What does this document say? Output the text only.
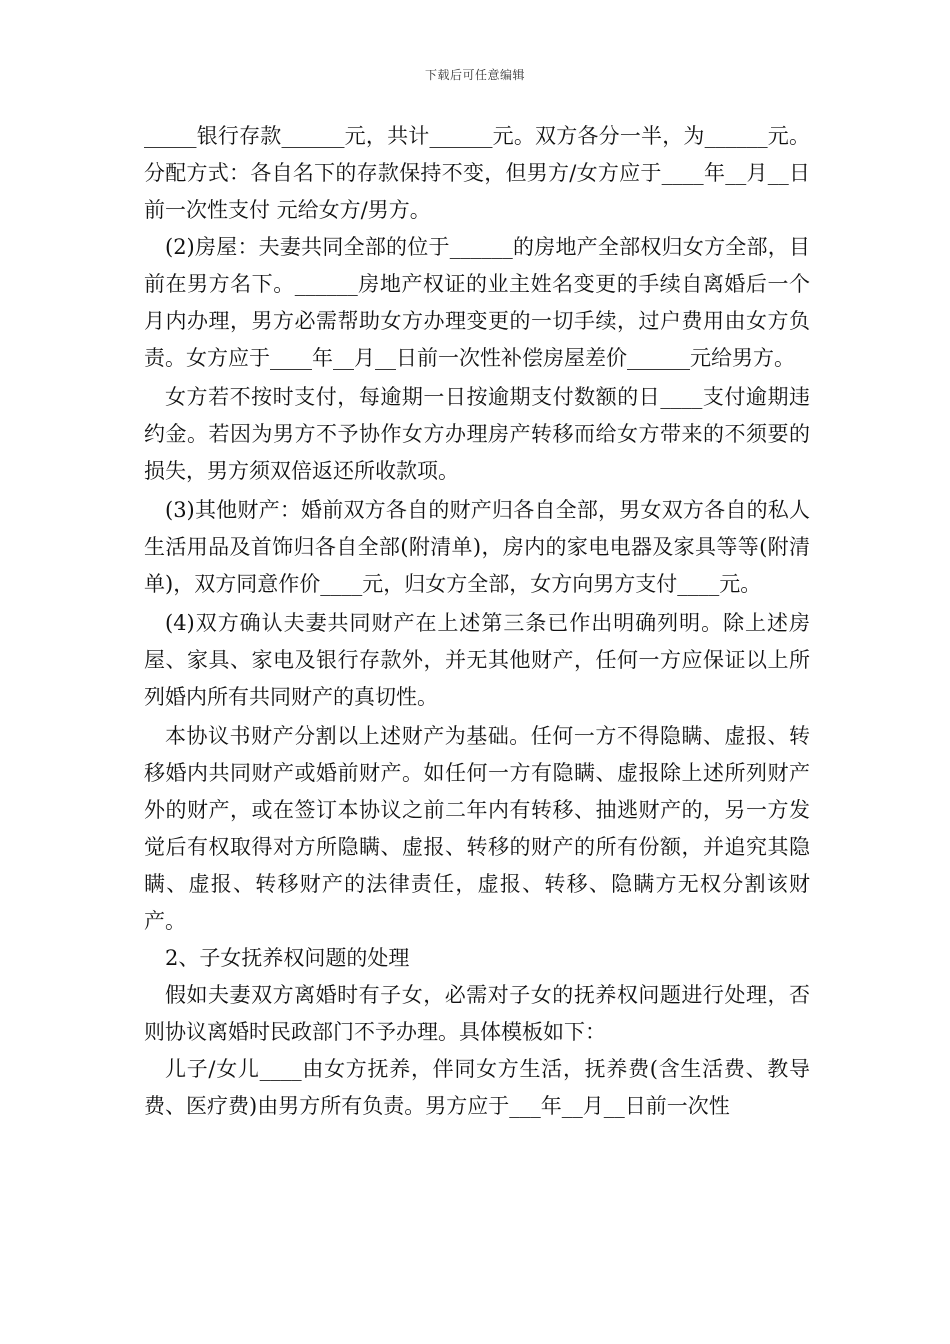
下载后可任意编辑

_____银行存款______元，共计______元。双方各分一半，为______元。分配方式：各自名下的存款保持不变，但男方/女方应于____年__月__日前一次性支付 元给女方/男方。

(2)房屋：夫妻共同全部的位于______的房地产全部权归女方全部，目前在男方名下。______房地产权证的业主姓名变更的手续自离婚后一个月内办理，男方必需帮助女方办理变更的一切手续，过户费用由女方负责。女方应于____年__月__日前一次性补偿房屋差价______元给男方。

女方若不按时支付，每逾期一日按逾期支付数额的日____支付逾期违约金。若因为男方不予协作女方办理房产转移而给女方带来的不须要的损失，男方须双倍返还所收款项。

(3)其他财产：婚前双方各自的财产归各自全部，男女双方各自的私人生活用品及首饰归各自全部(附清单)，房内的家电电器及家具等等(附清单)，双方同意作价____元，归女方全部，女方向男方支付____元。

(4)双方确认夫妻共同财产在上述第三条已作出明确列明。除上述房屋、家具、家电及银行存款外，并无其他财产，任何一方应保证以上所列婚内所有共同财产的真切性。

本协议书财产分割以上述财产为基础。任何一方不得隐瞒、虚报、转移婚内共同财产或婚前财产。如任何一方有隐瞒、虚报除上述所列财产外的财产，或在签订本协议之前二年内有转移、抽逃财产的，另一方发觉后有权取得对方所隐瞒、虚报、转移的财产的所有份额，并追究其隐瞒、虚报、转移财产的法律责任，虚报、转移、隐瞒方无权分割该财产。

2、子女抚养权问题的处理

假如夫妻双方离婚时有子女，必需对子女的抚养权问题进行处理，否则协议离婚时民政部门不予办理。具体模板如下：

儿子/女儿____由女方抚养，伴同女方生活，抚养费(含生活费、教导费、医疗费)由男方所有负责。男方应于___年__月__日前一次性
